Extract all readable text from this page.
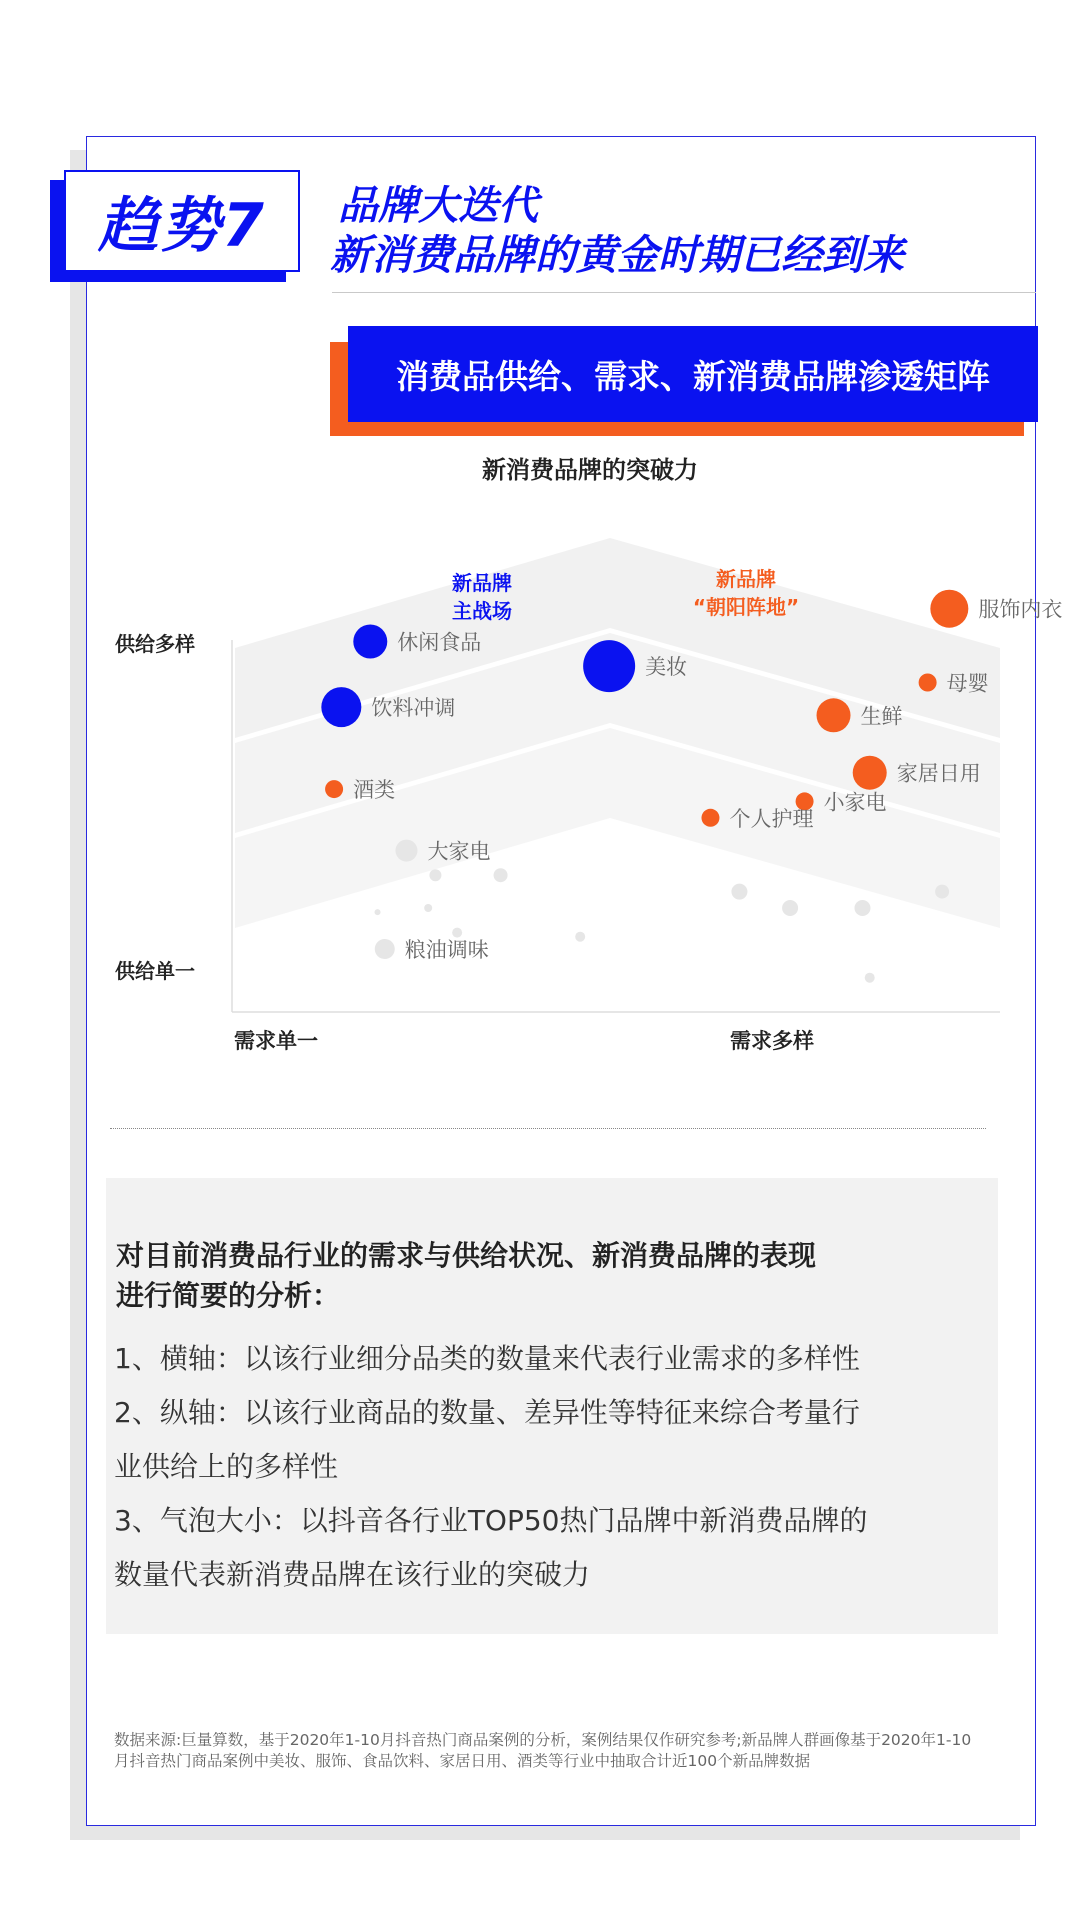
趋势7 品牌大迭代
新消费品牌的黄金时期已经到来
消费品供给、需求、新消费品牌渗透矩阵
新消费品牌的突破力
休闲食品
饮料冲调
美妆
服饰内衣
母婴
生鲜
家居日用
小家电
个人护理
酒类
大家电
粮油调味
新品牌
主战场
新品牌
“朝阳阵地”
供给多样
供给单一
需求单一	需求多样
对目前消费品行业的需求与供给状况、新消费品牌的表现
进行简要的分析：
1、横轴：以该行业细分品类的数量来代表行业需求的多样性
2、纵轴：以该行业商品的数量、差异性等特征来综合考量行
业供给上的多样性
3、气泡大小：以抖音各行业TOP50热门品牌中新消费品牌的
数量代表新消费品牌在该行业的突破力
数据来源:巨量算数，基于2020年1-10月抖音热门商品案例的分析，案例结果仅作研究参考;新品牌人群画像基于2020年1-10
月抖音热门商品案例中美妆、服饰、食品饮料、家居日用、酒类等行业中抽取合计近100个新品牌数据
